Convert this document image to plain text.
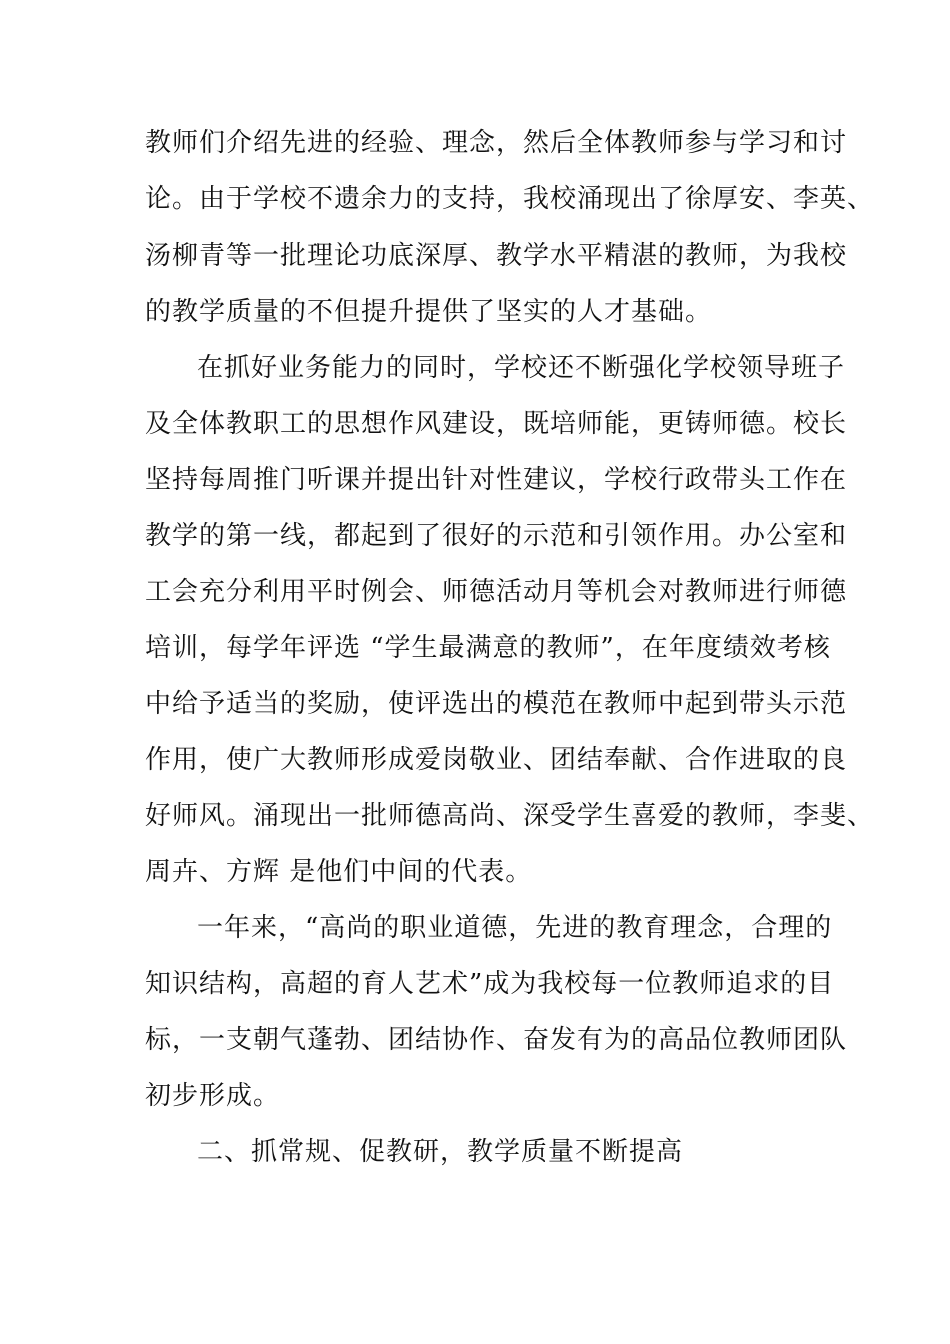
教师们介绍先进的经验、理念，然后全体教师参与学习和讨
论。由于学校不遗余力的支持，我校涌现出了徐厚安、李英、
汤柳青等一批理论功底深厚、教学水平精湛的教师，为我校
的教学质量的不但提升提供了坚实的人才基础。
在抓好业务能力的同时，学校还不断强化学校领导班子
及全体教职工的思想作风建设，既培师能，更铸师德。校长
坚持每周推门听课并提出针对性建议，学校行政带头工作在
教学的第一线，都起到了很好的示范和引领作用。办公室和
工会充分利用平时例会、师德活动月等机会对教师进行师德
培训，每学年评选 “学生最满意的教师”，在年度绩效考核
中给予适当的奖励，使评选出的模范在教师中起到带头示范
作用，使广大教师形成爱岗敬业、团结奉献、合作进取的良
好师风。涌现出一批师德高尚、深受学生喜爱的教师，李斐、
周卉、方辉 是他们中间的代表。
一年来，“高尚的职业道德，先进的教育理念，合理的
知识结构，高超的育人艺术”成为我校每一位教师追求的目
标，一支朝气蓬勃、团结协作、奋发有为的高品位教师团队
初步形成。
二、抓常规、促教研，教学质量不断提高
